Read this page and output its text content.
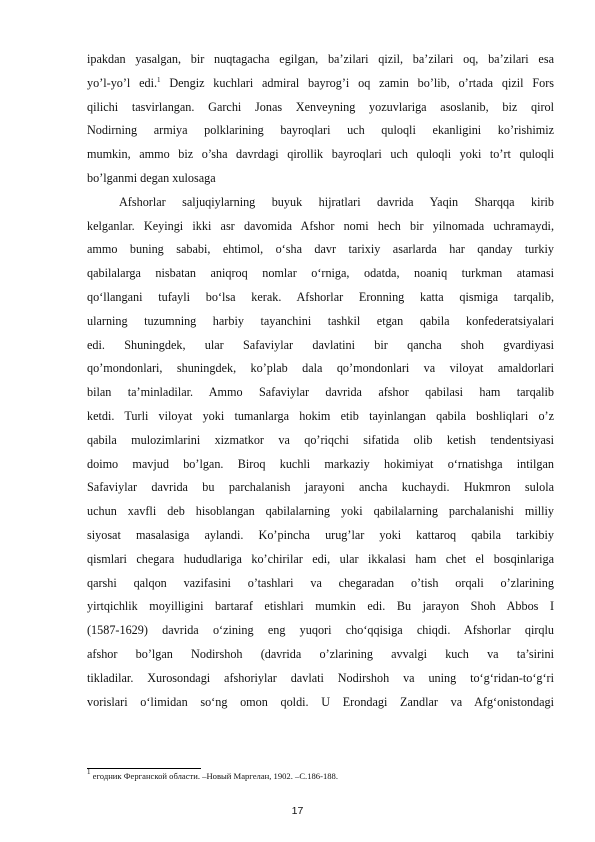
ipakdan yasalgan, bir nuqtagacha egilgan, ba’zilari qizil, ba’zilari oq, ba’zilari esa
yo’l-yo’l edi.$^1$ Dengiz kuchlari admiral bayrog’i oq zamin bo’lib, o’rtada qizil Fors
qilichi tasvirlangan. Garchi Jonas Xenveyning yozuvlariga asoslanib, biz qirol
Nodirning armiya polklarining bayroqlari uch quloqli ekanligini ko’rishimiz
mumkin, ammo biz o’sha davrdagi qirollik bayroqlari uch quloqli yoki to’rt quloqli
bo’lganmi degan xulosaga
Afshorlar saljuqiylarning buyuk hijratlari davrida Yaqin Sharqqa kirib
kelganlar. Keyingi ikki asr davomida Afshor nomi hech bir yilnomada uchramaydi,
ammo buning sababi, ehtimol, o‘sha davr tarixiy asarlarda har qanday turkiy
qabilalarga nisbatan aniqroq nomlar o‘rniga, odatda, noaniq turkman atamasi
qo‘llangani tufayli bo‘lsa kerak. Afshorlar Eronning katta qismiga tarqalib,
ularning tuzumning harbiy tayanchini tashkil etgan qabila konfederatsiyalari
edi. Shuningdek, ular Safaviylar davlatini bir qancha shoh gvardiyasi
qo’mondonlari, shuningdek, ko’plab dala qo’mondonlari va viloyat amaldorlari
bilan ta’minladilar. Ammo Safaviylar davrida afshor qabilasi ham tarqalib
ketdi. Turli viloyat yoki tumanlarga hokim etib tayinlangan qabila boshliqlari o’z
qabila mulozimlarini xizmatkor va qo’riqchi sifatida olib ketish tendentsiyasi
doimo mavjud bo’lgan. Biroq kuchli markaziy hokimiyat o‘rnatishga intilgan
Safaviylar davrida bu parchalanish jarayoni ancha kuchaydi. Hukmron sulola
uchun xavfli deb hisoblangan qabilalarning yoki qabilalarning parchalanishi milliy
siyosat masalasiga aylandi. Ko’pincha urug’lar yoki kattaroq qabila tarkibiy
qismlari chegara hududlariga ko’chirilar edi, ular ikkalasi ham chet el bosqinlariga
qarshi qalqon vazifasini o’tashlari va chegaradan o’tish orqali o’zlarining
yirtqichlik moyilligini bartaraf etishlari mumkin edi. Bu jarayon Shoh Abbos I
(1587-1629) davrida o‘zining eng yuqori cho‘qqisiga chiqdi. Afshorlar qirqlu
afshor bo’lgan Nodirshoh (davrida o’zlarining avvalgi kuch va ta’sirini
tikladilar. Xurosondagi afshoriylar davlati Nodirshoh va uning to‘g‘ridan-to‘g‘ri
vorislari o‘limidan so‘ng omon qoldi. U Erondagi Zandlar va Afg‘onistondagi
$^1$ егодник Ферганской области. –Новый Маргелан, 1902. –С.186-188.
17
